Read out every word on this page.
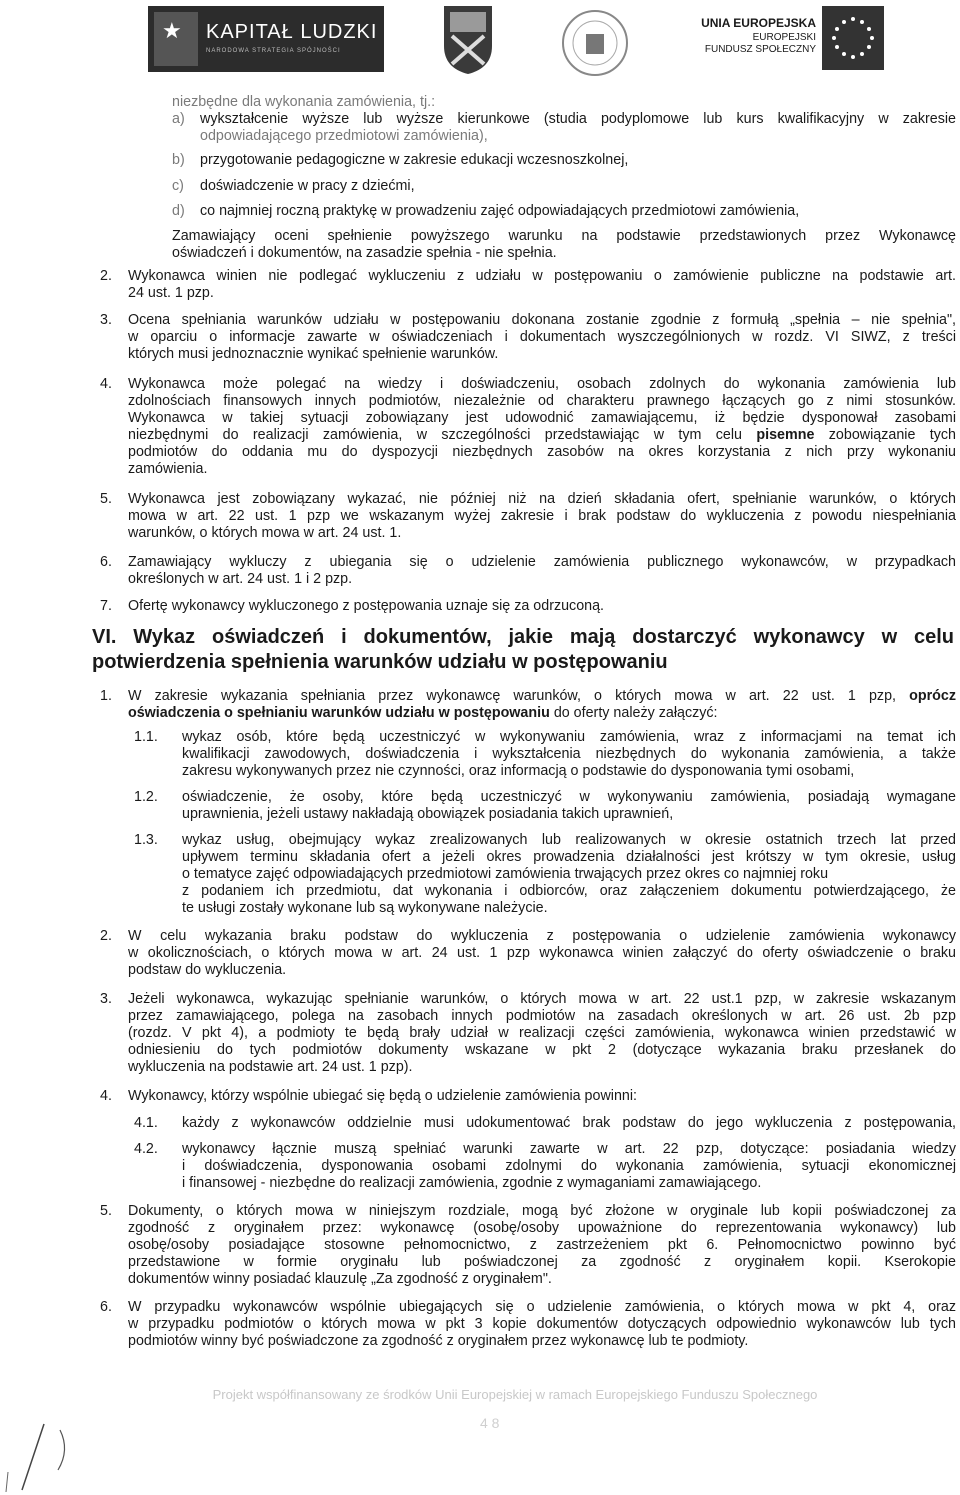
★ KAPITAŁ LUDZKI
NARODOWA STRATEGIA SPÓJNOŚCI
UNIA EUROPEJSKA
EUROPEJSKI
FUNDUSZ SPOŁECZNY
niezbędne dla wykonania zamówienia, tj.:
a) wykształcenie wyższe lub wyższe kierunkowe (studia podyplomowe lub kurs kwalifikacyjny w zakresie
odpowiadającego przedmiotowi zamówienia),
b) przygotowanie pedagogiczne w zakresie edukacji wczesnoszkolnej,
c) doświadczenie w pracy z dziećmi,
d) co najmniej roczną praktykę w prowadzeniu zajęć odpowiadających przedmiotowi zamówienia,
Zamawiający oceni spełnienie powyższego warunku na podstawie przedstawionych przez Wykonawcę
oświadczeń i dokumentów, na zasadzie spełnia - nie spełnia.
2. Wykonawca winien nie podlegać wykluczeniu z udziału w postępowaniu o zamówienie publiczne na podstawie art.
24 ust. 1 pzp.
3. Ocena spełniania warunków udziału w postępowaniu dokonana zostanie zgodnie z formułą „spełnia – nie spełnia",
w oparciu o informacje zawarte w oświadczeniach i dokumentach wyszczególnionych w rozdz. VI SIWZ, z treści
których musi jednoznacznie wynikać spełnienie warunków.
4. Wykonawca może polegać na wiedzy i doświadczeniu, osobach zdolnych do wykonania zamówienia lub
zdolnościach finansowych innych podmiotów, niezależnie od charakteru prawnego łączących go z nimi stosunków.
Wykonawca w takiej sytuacji zobowiązany jest udowodnić zamawiającemu, iż będzie dysponował zasobami
niezbędnymi do realizacji zamówienia, w szczególności przedstawiając w tym celu pisemne zobowiązanie tych
podmiotów do oddania mu do dyspozycji niezbędnych zasobów na okres korzystania z nich przy wykonaniu
zamówienia.
5. Wykonawca jest zobowiązany wykazać, nie później niż na dzień składania ofert, spełnianie warunków, o których
mowa w art. 22 ust. 1 pzp we wskazanym wyżej zakresie i brak podstaw do wykluczenia z powodu niespełniania
warunków, o których mowa w art. 24 ust. 1.
6. Zamawiający wykluczy z ubiegania się o udzielenie zamówienia publicznego wykonawców, w przypadkach
określonych w art. 24 ust. 1 i 2 pzp.
7. Ofertę wykonawcy wykluczonego z postępowania uznaje się za odrzuconą.
VI. Wykaz oświadczeń i dokumentów, jakie mają dostarczyć wykonawcy w celu
potwierdzenia spełnienia warunków udziału w postępowaniu
1. W zakresie wykazania spełniania przez wykonawcę warunków, o których mowa w art. 22 ust. 1 pzp, oprócz
oświadczenia o spełnianiu warunków udziału w postępowaniu do oferty należy załączyć:
1.1. wykaz osób, które będą uczestniczyć w wykonywaniu zamówienia, wraz z informacjami na temat ich
kwalifikacji zawodowych, doświadczenia i wykształcenia niezbędnych do wykonania zamówienia, a także
zakresu wykonywanych przez nie czynności, oraz informacją o podstawie do dysponowania tymi osobami,
1.2. oświadczenie, że osoby, które będą uczestniczyć w wykonywaniu zamówienia, posiadają wymagane
uprawnienia, jeżeli ustawy nakładają obowiązek posiadania takich uprawnień,
1.3. wykaz usług, obejmujący wykaz zrealizowanych lub realizowanych w okresie ostatnich trzech lat przed
upływem terminu składania ofert a jeżeli okres prowadzenia działalności jest krótszy w tym okresie, usług
o tematyce zajęć odpowiadających przedmiotowi zamówienia trwających przez okres co najmniej roku
z podaniem ich przedmiotu, dat wykonania i odbiorców, oraz załączeniem dokumentu potwierdzającego, że
te usługi zostały wykonane lub są wykonywane należycie.
2. W celu wykazania braku podstaw do wykluczenia z postępowania o udzielenie zamówienia wykonawcy
w okolicznościach, o których mowa w art. 24 ust. 1 pzp wykonawca winien załączyć do oferty oświadczenie o braku
podstaw do wykluczenia.
3. Jeżeli wykonawca, wykazując spełnianie warunków, o których mowa w art. 22 ust.1 pzp, w zakresie wskazanym
przez zamawiającego, polega na zasobach innych podmiotów na zasadach określonych w art. 26 ust. 2b pzp
(rozdz. V pkt 4), a podmioty te będą brały udział w realizacji części zamówienia, wykonawca winien przedstawić w
odniesieniu do tych podmiotów dokumenty wskazane w pkt 2 (dotyczące wykazania braku przesłanek do
wykluczenia na podstawie art. 24 ust. 1 pzp).
4. Wykonawcy, którzy wspólnie ubiegać się będą o udzielenie zamówienia powinni:
4.1. każdy z wykonawców oddzielnie musi udokumentować brak podstaw do jego wykluczenia z postępowania,
4.2. wykonawcy łącznie muszą spełniać warunki zawarte w art. 22 pzp, dotyczące: posiadania wiedzy
i doświadczenia, dysponowania osobami zdolnymi do wykonania zamówienia, sytuacji ekonomicznej
i finansowej - niezbędne do realizacji zamówienia, zgodnie z wymaganiami zamawiającego.
5. Dokumenty, o których mowa w niniejszym rozdziale, mogą być złożone w oryginale lub kopii poświadczonej za
zgodność z oryginałem przez: wykonawcę (osobę/osoby upoważnione do reprezentowania wykonawcy) lub
osobę/osoby posiadające stosowne pełnomocnictwo, z zastrzeżeniem pkt 6. Pełnomocnictwo powinno być
przedstawione w formie oryginału lub poświadczonej za zgodność z oryginałem kopii. Kserokopie
dokumentów winny posiadać klauzulę „Za zgodność z oryginałem".
6. W przypadku wykonawców wspólnie ubiegających się o udzielenie zamówienia, o których mowa w pkt 4, oraz
w przypadku podmiotów o których mowa w pkt 3 kopie dokumentów dotyczących odpowiednio wykonawców lub tych
podmiotów winny być poświadczone za zgodność z oryginałem przez wykonawcę lub te podmioty.
Projekt współfinansowany ze środków Unii Europejskiej w ramach Europejskiego Funduszu Społecznego
4 8
